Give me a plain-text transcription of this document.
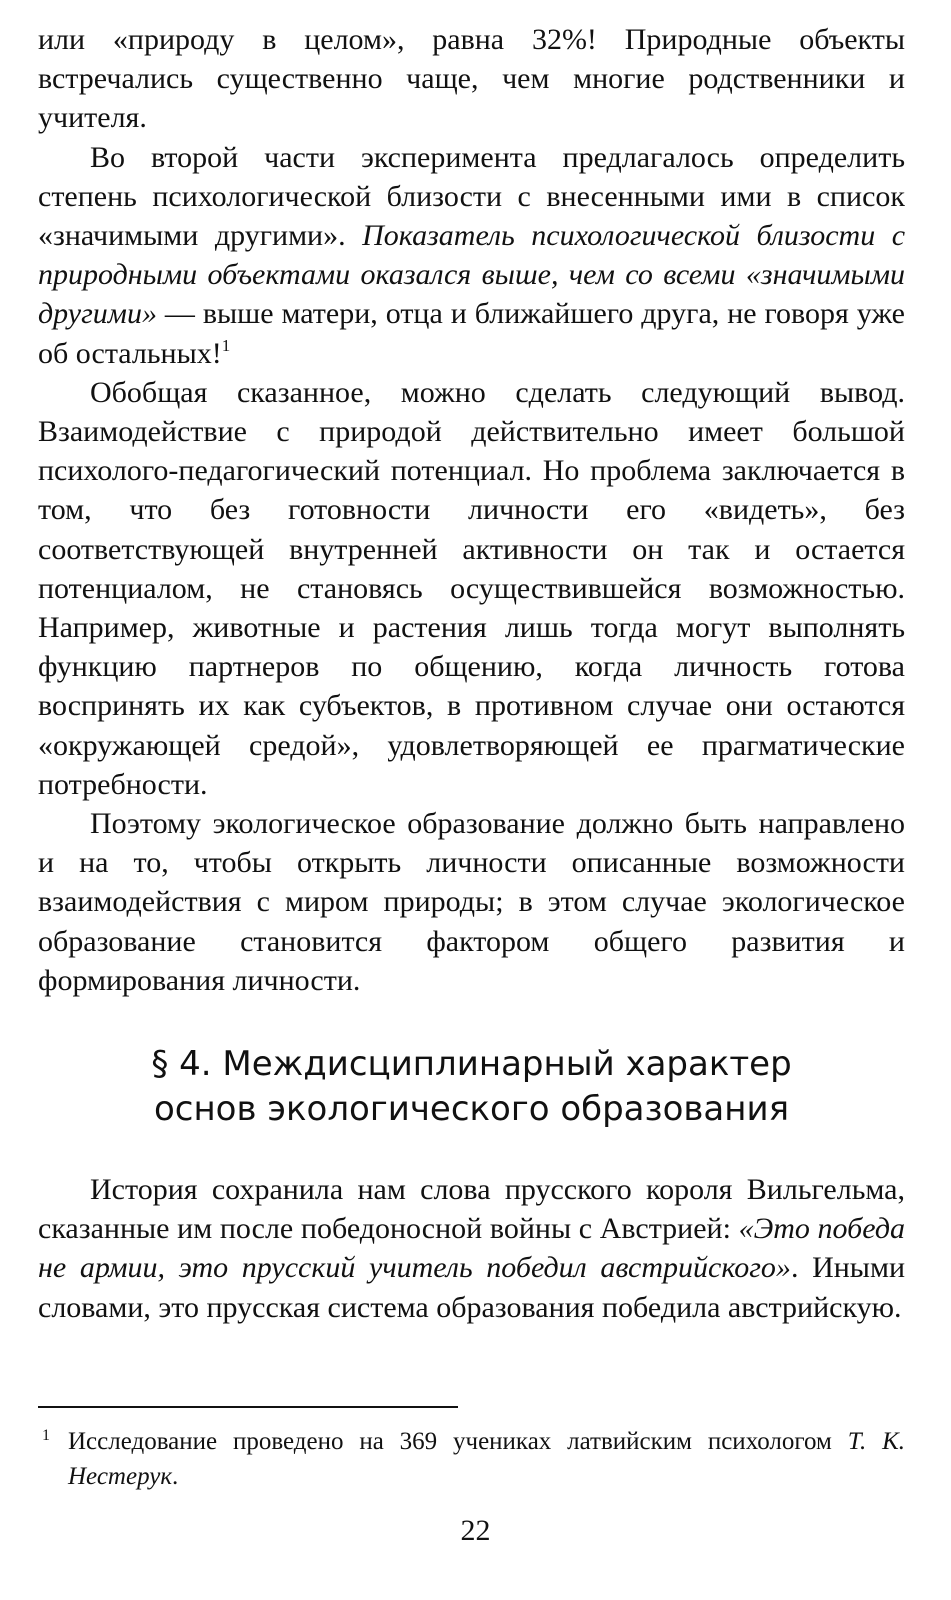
или «природу в целом», равна 32%! Природные объекты встречались существенно чаще, чем многие родственники и учителя.

Во второй части эксперимента предлагалось определить степень психологической близости с внесенными ими в список «значимыми другими». Показатель психологической близости с природными объектами оказался выше, чем со всеми «значимыми другими» — выше матери, отца и ближайшего друга, не говоря уже об остальных!$^1$

Обобщая сказанное, можно сделать следующий вывод. Взаимодействие с природой действительно имеет большой психолого-педагогический потенциал. Но проблема заключается в том, что без готовности личности его «видеть», без соответствующей внутренней активности он так и остается потенциалом, не становясь осуществившейся возможностью. Например, животные и растения лишь тогда могут выполнять функцию партнеров по общению, когда личность готова воспринять их как субъектов, в противном случае они остаются «окружающей средой», удовлетворяющей ее прагматические потребности.

Поэтому экологическое образование должно быть направлено и на то, чтобы открыть личности описанные возможности взаимодействия с миром природы; в этом случае экологическое образование становится фактором общего развития и формирования личности.

§ 4. Междисциплинарный характер
основ экологического образования

История сохранила нам слова прусского короля Вильгельма, сказанные им после победоносной войны с Австрией: «Это победа не армии, это прусский учитель победил австрийского». Иными словами, это прусская система образования победила австрийскую.

1 Исследование проведено на 369 учениках латвийским психологом Т. К. Нестерук.
22
